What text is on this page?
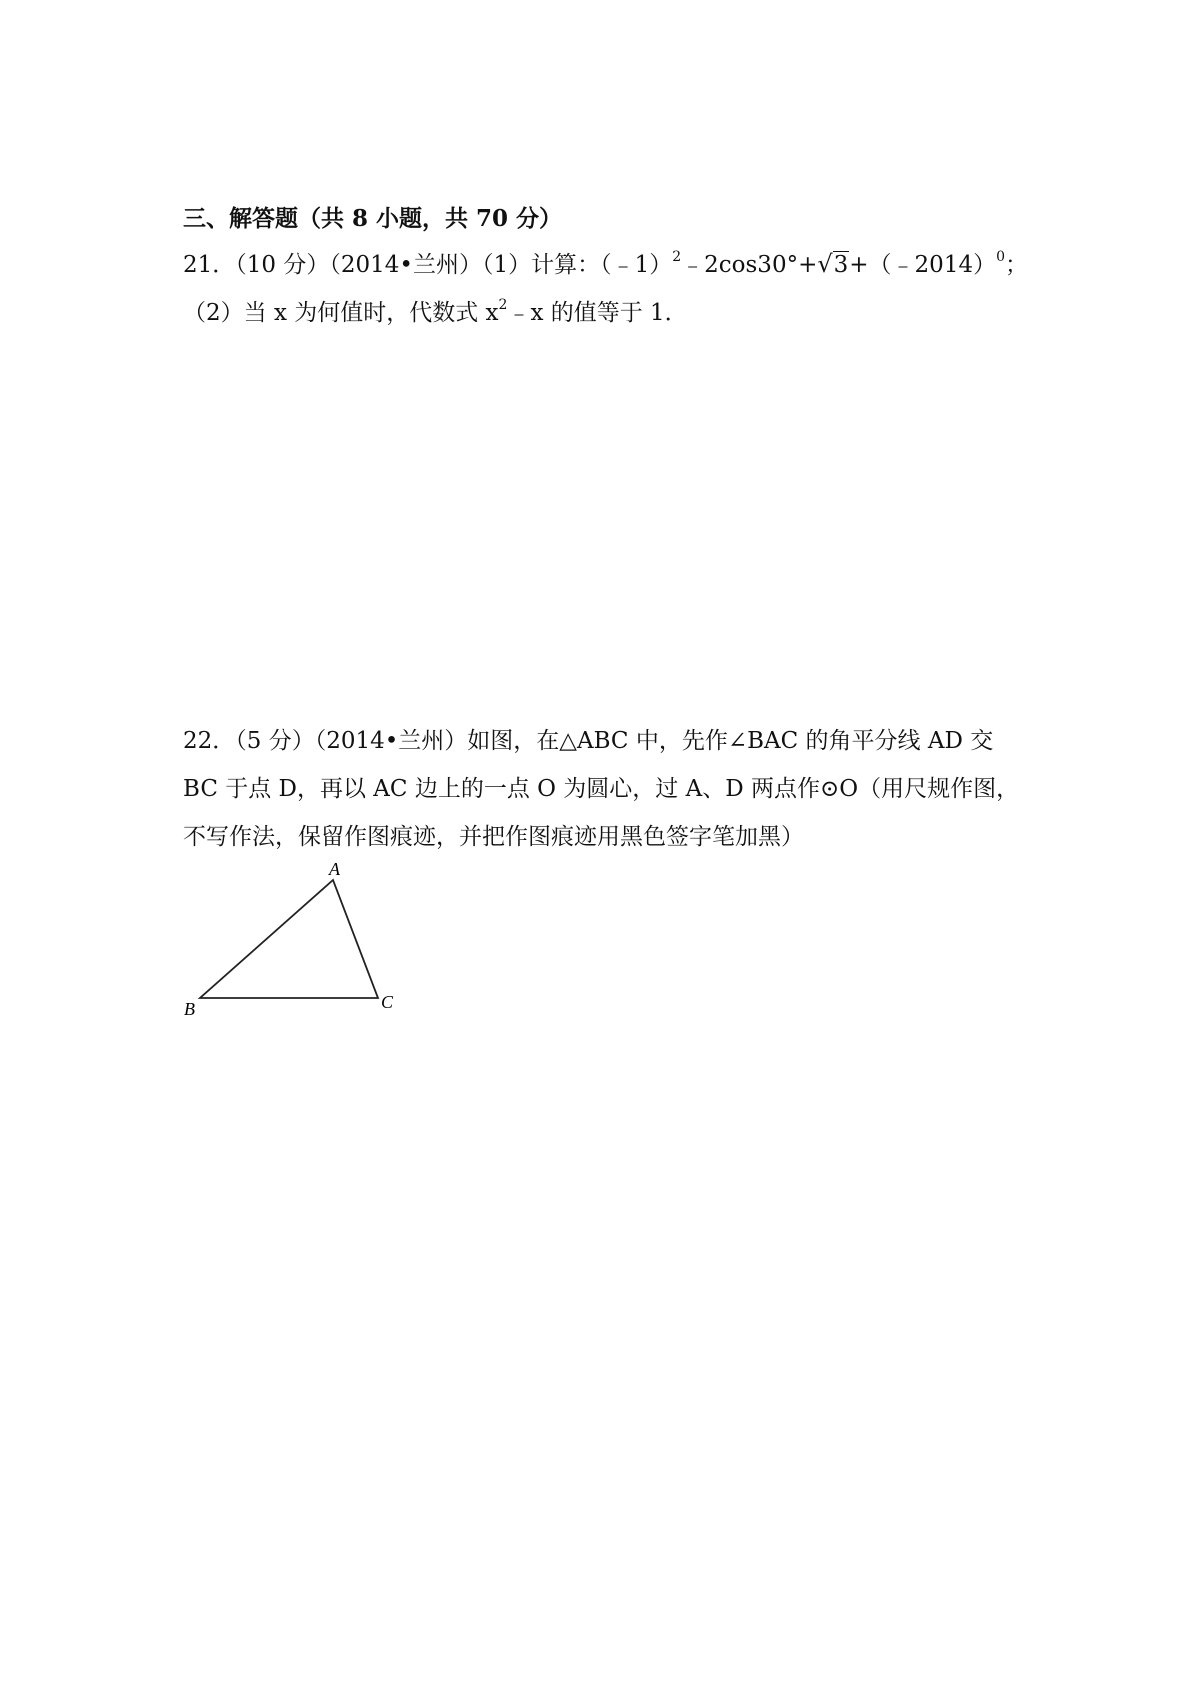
三、解答题（共 8 小题，共 70 分）
21．（10 分）（2014•兰州）（1）计算：（﹣1）$^2$﹣2cos30°+√3+（﹣2014）$^0$；
（2）当 x 为何值时，代数式 $x^2﹣x$ 的值等于 1．
22．（5 分）（2014•兰州）如图，在△ABC 中，先作∠BAC 的角平分线 AD 交
BC 于点 D，再以 AC 边上的一点 O 为圆心，过 A、D 两点作⊙O（用尺规作图，
不写作法，保留作图痕迹，并把作图痕迹用黑色签字笔加黑）
A
B	C
